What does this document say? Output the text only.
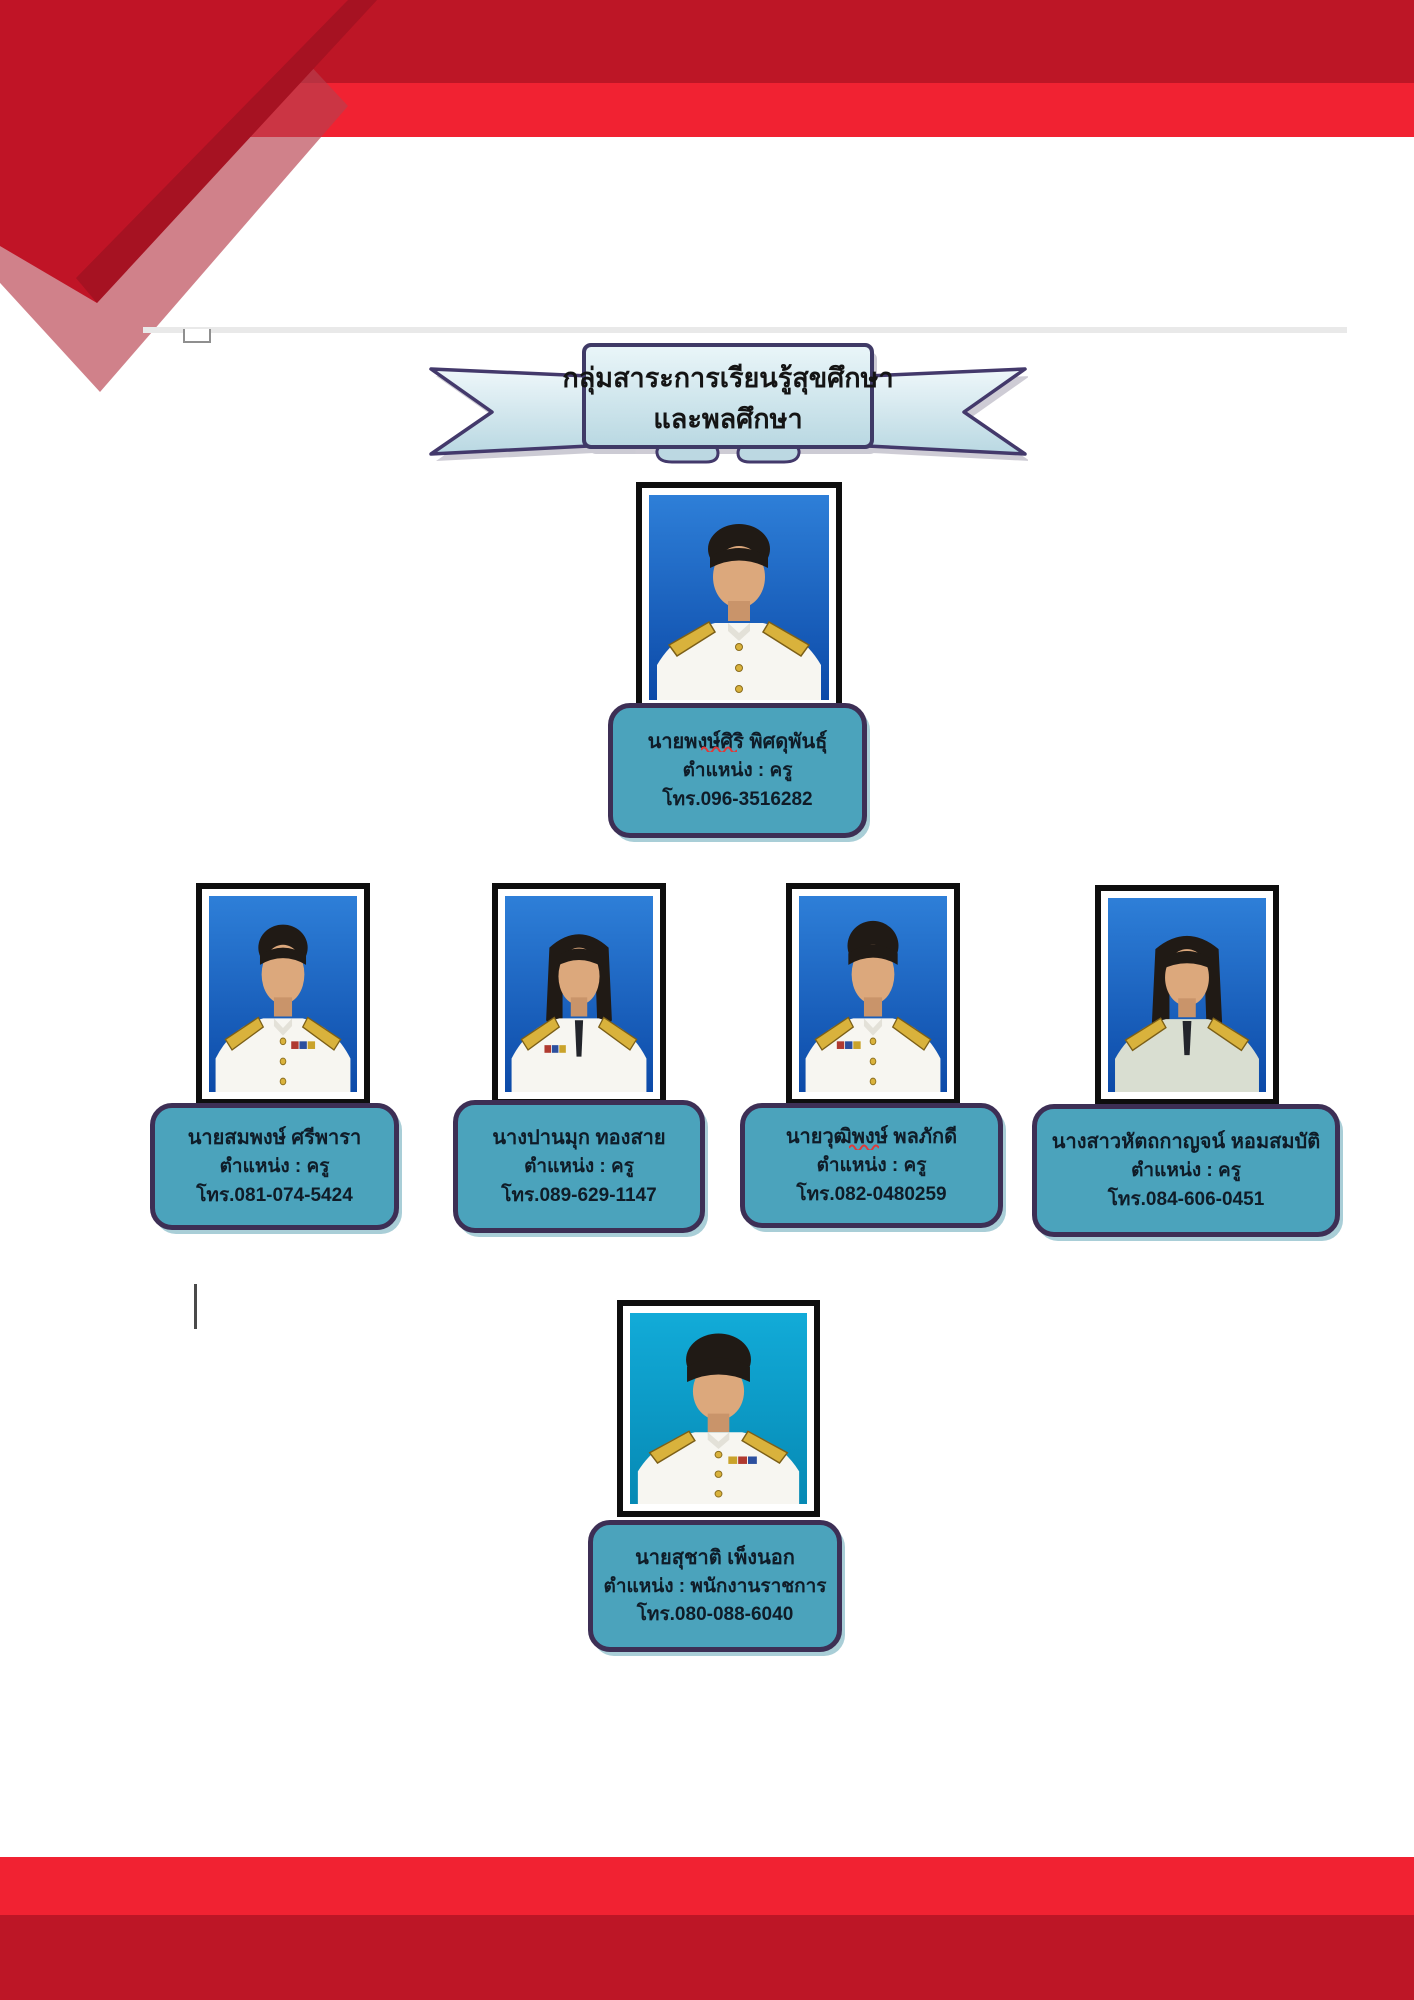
กลุ่มสาระการเรียนรู้สุขศึกษา
และพลศึกษา
นายพงษ์ศิริ พิศดุพันธุ์
ตำแหน่ง : ครู
โทร.096-3516282
นายสมพงษ์ ศรีพารา
ตำแหน่ง : ครู
โทร.081-074-5424
นางปานมุก ทองสาย
ตำแหน่ง : ครู
โทร.089-629-1147
นายวุฒิพงษ์ พลภักดี
ตำแหน่ง : ครู
โทร.082-0480259
นางสาวหัตถกาญจน์ หอมสมบัติ
ตำแหน่ง : ครู
โทร.084-606-0451
นายสุชาติ เพ็งนอก
ตำแหน่ง : พนักงานราชการ
โทร.080-088-6040
